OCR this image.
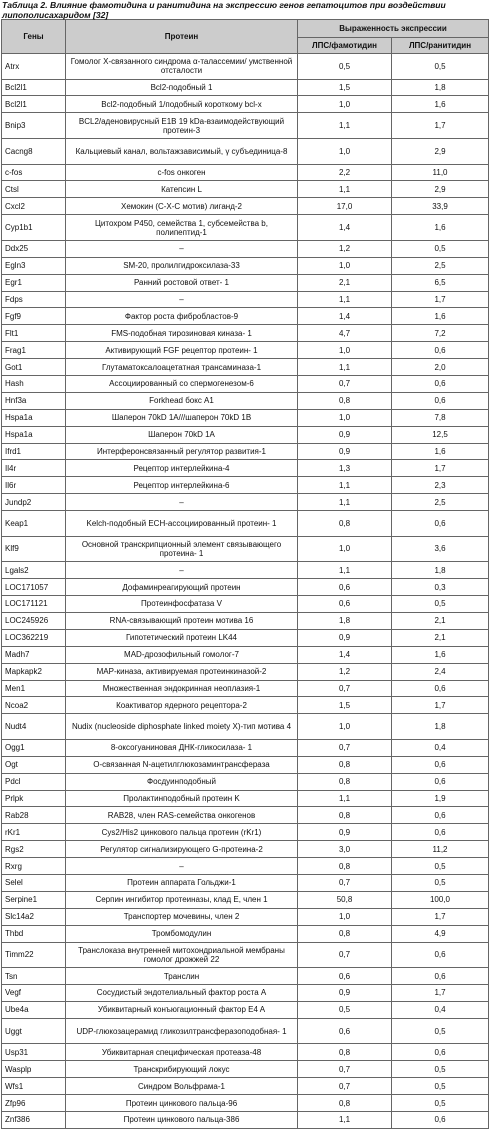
Таблица 2. Влияние фамотидина и ранитидина на экспрессию генов гепатоцитов при воздействии липополисахаридом [32]
Гены	Протеин	Выраженность экспрессии	
		ЛПС/фамотидин	ЛПС/ранитидин
Atrx	Гомолог X-связанного синдрома α-талассемии/ умственной отсталости	0,5	0,5
Bcl2l1	Bcl2-подобный 1	1,5	1,8
Bcl2l1	Bcl2-подобный 1/подобный короткому bcl-x	1,0	1,6
Bnip3	BCL2/аденовирусный E1B 19 kDa-взаимодействующий протеин-3	1,1	1,7
Cacng8	Кальциевый канал, вольтажзависимый, γ субъединица-8	1,0	2,9
c-fos	c-fos онкоген	2,2	11,0
Ctsl	Катепсин L	1,1	2,9
Cxcl2	Хемокин (С-Х-С мотив) лиганд-2	17,0	33,9
Cyp1b1	Цитохром P450, семейства 1, субсемейства b, полипептид-1	1,4	1,6
Ddx25	–	1,2	0,5
Egln3	SM-20, пролилгидроксилаза-33	1,0	2,5
Egr1	Ранний ростовой ответ- 1	2,1	6,5
Fdps	–	1,1	1,7
Fgf9	Фактор роста фибробластов-9	1,4	1,6
Flt1	FMS-подобная тирозиновая киназа- 1	4,7	7,2
Frag1	Активирующий FGF рецептор протеин- 1	1,0	0,6
Got1	Глутаматоксалоацетатная трансаминаза-1	1,1	2,0
Hash	Ассоциированный со спермогенезом-6	0,7	0,6
Hnf3a	Forkhead бокс A1	0,8	0,6
Hspa1a	Шаперон 70kD 1A///шаперон 70kD 1B	1,0	7,8
Hspa1a	Шаперон 70kD 1A	0,9	12,5
Ifrd1	Интерферонсвязанный регулятор развития-1	0,9	1,6
Il4r	Рецептор интерлейкина-4	1,3	1,7
Il6r	Рецептор интерлейкина-6	1,1	2,3
Jundp2	–	1,1	2,5
Keap1	Kelch-подобный ECH-ассоциированный протеин- 1	0,8	0,6
Klf9	Основной транскрипционный элемент связывающего протеина- 1	1,0	3,6
Lgals2	–	1,1	1,8
LOC171057	Дофаминреагирующий протеин	0,6	0,3
LOC171121	Протеинфосфатаза V	0,6	0,5
LOC245926	RNA-связывающий протеин мотива 16	1,8	2,1
LOC362219	Гипотетический протеин LK44	0,9	2,1
Madh7	MAD-дрозофильный гомолог-7	1,4	1,6
Mapkapk2	MAP-киназа, активируемая протеинкиназой-2	1,2	2,4
Men1	Множественная эндокринная неоплазия-1	0,7	0,6
Ncoa2	Коактиватор ядерного рецептора-2	1,5	1,7
Nudt4	Nudix (nucleoside diphosphate linked moiety X)-тип мотива 4	1,0	1,8
Ogg1	8-оксогуаниновая ДНК-гликосилаза- 1	0,7	0,4
Ogt	О-связанная N-ацетилглюкозаминтрансфераза	0,8	0,6
Pdcl	Фосдуинподобный	0,8	0,6
Prlpk	Пролактинподобный протеин K	1,1	1,9
Rab28	RAB28, член RAS-семейства онкогенов	0,8	0,6
rKr1	Cys2/His2 цинкового пальца протеин (rKr1)	0,9	0,6
Rgs2	Регулятор сигнализирующего G-протеина-2	3,0	11,2
Rxrg	–	0,8	0,5
Selel	Протеин аппарата Гольджи-1	0,7	0,5
Serpine1	Серпин ингибитор протеиназы, клад E, член 1	50,8	100,0
Slc14a2	Транспортер мочевины, член 2	1,0	1,7
Thbd	Тромбомодулин	0,8	4,9
Timm22	Транслоказа внутренней митохондриальной мембраны гомолог дрожжей 22	0,7	0,6
Tsn	Транслин	0,6	0,6
Vegf	Сосудистый эндотелиальный фактор роста A	0,9	1,7
Ube4a	Убиквитарный конъюгационный фактор E4 A	0,5	0,4
Uggt	UDP-глюкозацерамид гликозилтрансферазоподобная- 1	0,6	0,5
Usp31	Убиквитарная специфическая протеаза-48	0,8	0,6
Wasplp	Транскрибирующий локус	0,7	0,5
Wfs1	Синдром Вольфрама-1	0,7	0,5
Zfp96	Протеин цинкового пальца-96	0,8	0,5
Znf386	Протеин цинкового пальца-386	1,1	0,6
